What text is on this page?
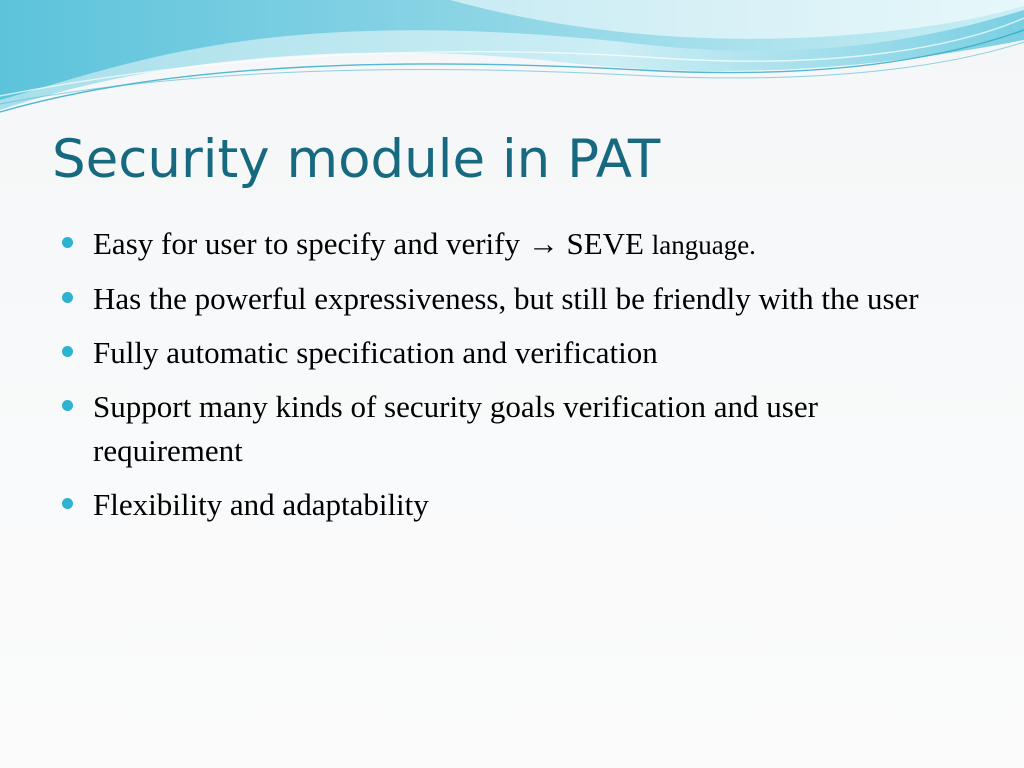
Security module in PAT
Easy for user to specify and verify → SEVE language.
Has the powerful expressiveness, but still be friendly with the user
Fully automatic specification and verification
Support many kinds of security goals verification and user requirement
Flexibility and adaptability
